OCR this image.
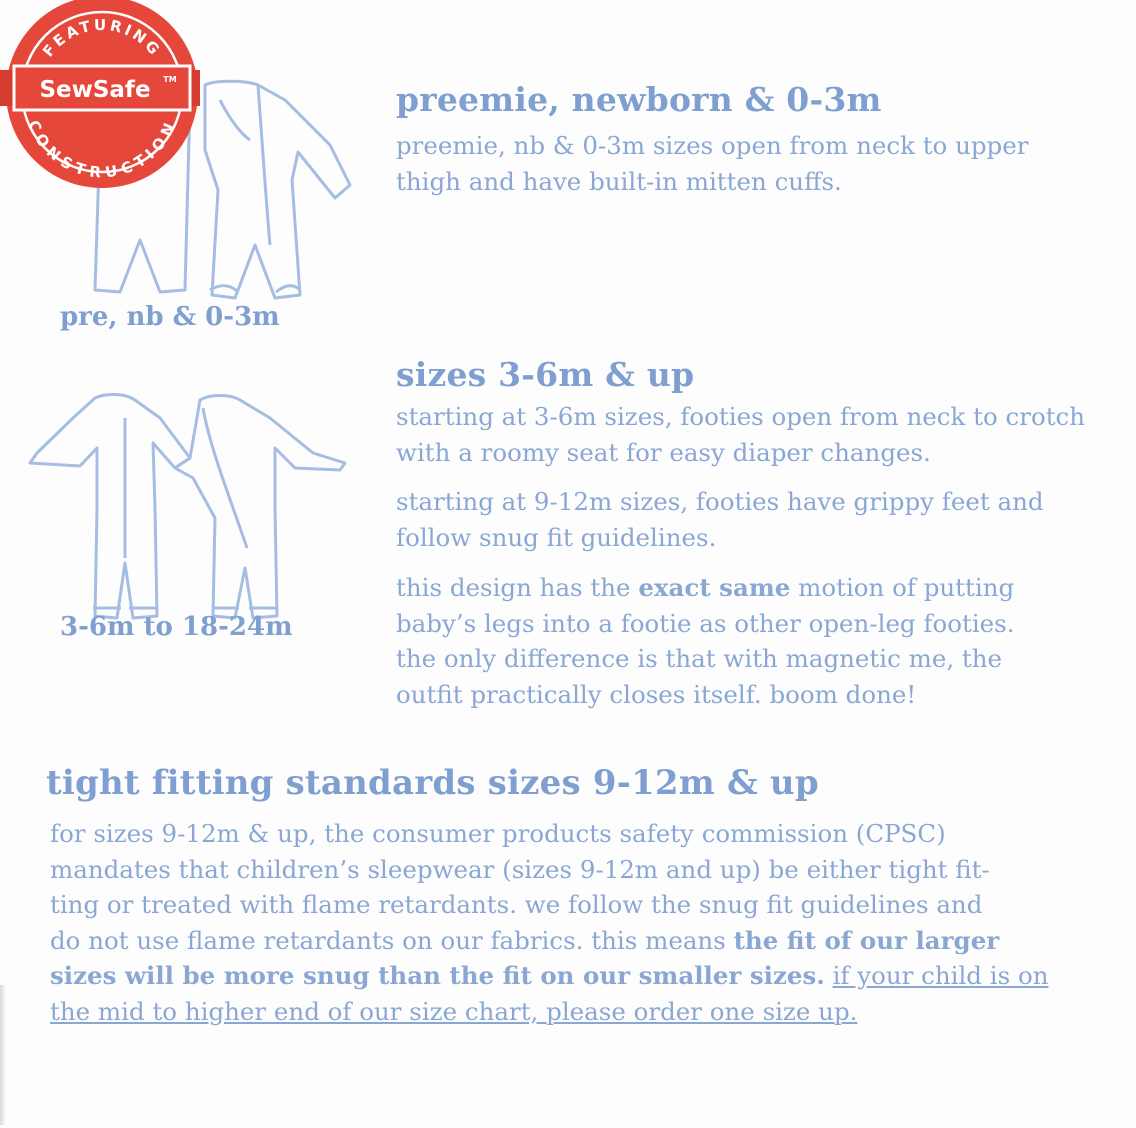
FEATURING
CONSTRUCTION
SewSafe TM
pre, nb & 0-3m
preemie, newborn & 0-3m

preemie, nb & 0-3m sizes open from neck to upper

thigh and have built-in mitten cuffs.

3-6m to 18-24m
sizes 3-6m & up

starting at 3-6m sizes, footies open from neck to crotch

with a roomy seat for easy diaper changes.

starting at 9-12m sizes, footies have grippy feet and

follow snug fit guidelines.

this design has the exact same motion of putting

baby’s legs into a footie as other open-leg footies.

the only difference is that with magnetic me, the

outfit practically closes itself. boom done!

tight fitting standards sizes 9-12m & up

for sizes 9-12m & up, the consumer products safety commission (CPSC)

mandates that children’s sleepwear (sizes 9-12m and up) be either tight fit-

ting or treated with flame retardants. we follow the snug fit guidelines and

do not use flame retardants on our fabrics. this means the fit of our larger

sizes will be more snug than the fit on our smaller sizes. if your child is on

the mid to higher end of our size chart, please order one size up.
